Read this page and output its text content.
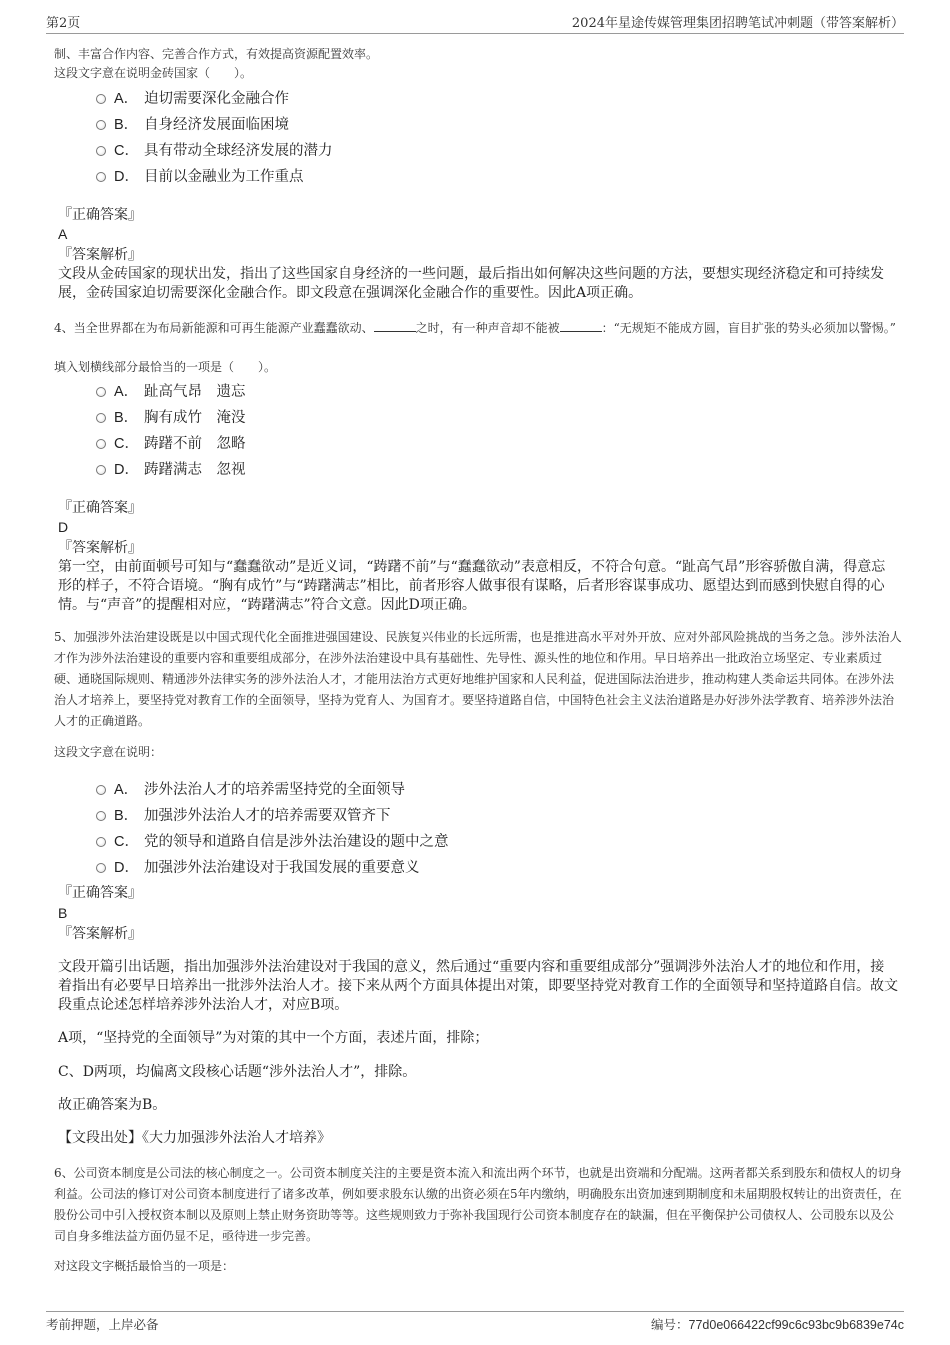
第2页	2024年星途传媒管理集团招聘笔试冲刺题（带答案解析）
制、丰富合作内容、完善合作方式，有效提高资源配置效率。
这段文字意在说明金砖国家（　　）。
A． 迫切需要深化金融合作
B． 自身经济发展面临困境
C． 具有带动全球经济发展的潜力
D． 目前以金融业为工作重点
『正确答案』
A
『答案解析』
文段从金砖国家的现状出发，指出了这些国家自身经济的一些问题，最后指出如何解决这些问题的方法，要想实现经济稳定和可持续发展，金砖国家迫切需要深化金融合作。即文段意在强调深化金融合作的重要性。因此A项正确。
4、当全世界都在为布局新能源和可再生能源产业蠢蠢欲动、	之时，有一种声音却不能被	：“无规矩不能成方圆，盲目扩张的势头必须加以警惕。”
填入划横线部分最恰当的一项是（　　）。
A． 趾高气昂　遗忘
B． 胸有成竹　淹没
C． 踌躇不前　忽略
D． 踌躇满志　忽视
『正确答案』
D
『答案解析』
第一空，由前面顿号可知与“蠢蠢欲动”是近义词，“踌躇不前”与“蠢蠢欲动”表意相反，不符合句意。“趾高气昂”形容骄傲自满，得意忘形的样子，不符合语境。“胸有成竹”与“踌躇满志”相比，前者形容人做事很有谋略，后者形容谋事成功、愿望达到而感到快慰自得的心情。与“声音”的提醒相对应，“踌躇满志”符合文意。因此D项正确。
5、加强涉外法治建设既是以中国式现代化全面推进强国建设、民族复兴伟业的长远所需，也是推进高水平对外开放、应对外部风险挑战的当务之急。涉外法治人才作为涉外法治建设的重要内容和重要组成部分，在涉外法治建设中具有基础性、先导性、源头性的地位和作用。早日培养出一批政治立场坚定、专业素质过硬、通晓国际规则、精通涉外法律实务的涉外法治人才，才能用法治方式更好地维护国家和人民利益，促进国际法治进步，推动构建人类命运共同体。在涉外法治人才培养上，要坚持党对教育工作的全面领导，坚持为党育人、为国育才。要坚持道路自信，中国特色社会主义法治道路是办好涉外法学教育、培养涉外法治人才的正确道路。
这段文字意在说明：
A． 涉外法治人才的培养需坚持党的全面领导
B． 加强涉外法治人才的培养需要双管齐下
C． 党的领导和道路自信是涉外法治建设的题中之意
D． 加强涉外法治建设对于我国发展的重要意义
『正确答案』
B
『答案解析』
文段开篇引出话题，指出加强涉外法治建设对于我国的意义，然后通过“重要内容和重要组成部分”强调涉外法治人才的地位和作用，接着指出有必要早日培养出一批涉外法治人才。接下来从两个方面具体提出对策，即要坚持党对教育工作的全面领导和坚持道路自信。故文段重点论述怎样培养涉外法治人才，对应B项。
A项，“坚持党的全面领导”为对策的其中一个方面，表述片面，排除；
C、D两项，均偏离文段核心话题“涉外法治人才”，排除。
故正确答案为B。
【文段出处】《大力加强涉外法治人才培养》
6、公司资本制度是公司法的核心制度之一。公司资本制度关注的主要是资本流入和流出两个环节，也就是出资端和分配端。这两者都关系到股东和债权人的切身利益。公司法的修订对公司资本制度进行了诸多改革，例如要求股东认缴的出资必须在5年内缴纳，明确股东出资加速到期制度和未届期股权转让的出资责任，在股份公司中引入授权资本制以及原则上禁止财务资助等等。这些规则致力于弥补我国现行公司资本制度存在的缺漏，但在平衡保护公司债权人、公司股东以及公司自身多维法益方面仍显不足，亟待进一步完善。
对这段文字概括最恰当的一项是：
考前押题，上岸必备	编号：77d0e066422cf99c6c93bc9b6839e74c
